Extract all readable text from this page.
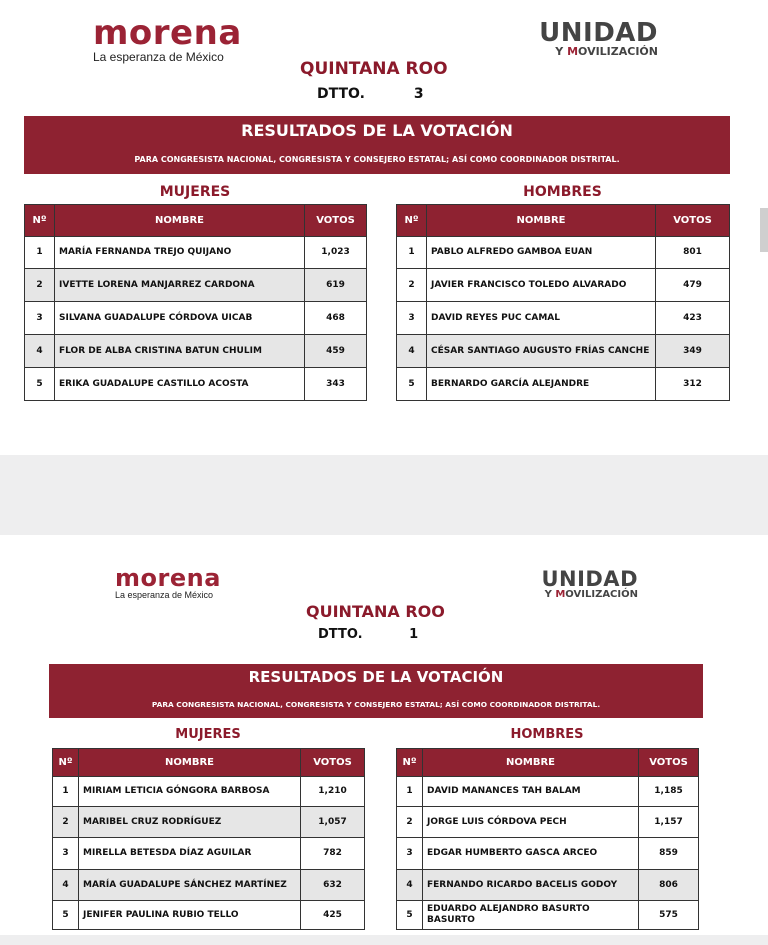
morena
La esperanza de México
UNIDAD
Y MOVILIZACIÓN
QUINTANA ROO
DTTO.	3
RESULTADOS DE LA VOTACIÓN
PARA CONGRESISTA NACIONAL, CONGRESISTA Y CONSEJERO ESTATAL; ASÍ COMO COORDINADOR DISTRITAL.
MUJERES	HOMBRES
Nº	NOMBRE	VOTOS
1	MARÍA FERNANDA TREJO QUIJANO	1,023
2	IVETTE LORENA MANJARREZ CARDONA	619
3	SILVANA GUADALUPE CÓRDOVA UICAB	468
4	FLOR DE ALBA CRISTINA BATUN CHULIM	459
5	ERIKA GUADALUPE CASTILLO ACOSTA	343
Nº	NOMBRE	VOTOS
1	PABLO ALFREDO GAMBOA EUAN	801
2	JAVIER FRANCISCO TOLEDO ALVARADO	479
3	DAVID REYES PUC CAMAL	423
4	CÉSAR SANTIAGO AUGUSTO FRÍAS CANCHE	349
5	BERNARDO GARCÍA ALEJANDRE	312
morena
La esperanza de México
UNIDAD
Y MOVILIZACIÓN
QUINTANA ROO
DTTO.	1
RESULTADOS DE LA VOTACIÓN
PARA CONGRESISTA NACIONAL, CONGRESISTA Y CONSEJERO ESTATAL; ASÍ COMO COORDINADOR DISTRITAL.
MUJERES	HOMBRES
Nº	NOMBRE	VOTOS
1	MIRIAM LETICIA GÓNGORA BARBOSA	1,210
2	MARIBEL CRUZ RODRÍGUEZ	1,057
3	MIRELLA BETESDA DÍAZ AGUILAR	782
4	MARÍA GUADALUPE SÁNCHEZ MARTÍNEZ	632
5	JENIFER PAULINA RUBIO TELLO	425
Nº	NOMBRE	VOTOS
1	DAVID MANANCES TAH BALAM	1,185
2	JORGE LUIS CÓRDOVA PECH	1,157
3	EDGAR HUMBERTO GASCA ARCEO	859
4	FERNANDO RICARDO BACELIS GODOY	806
5	EDUARDO ALEJANDRO BASURTO BASURTO	575
